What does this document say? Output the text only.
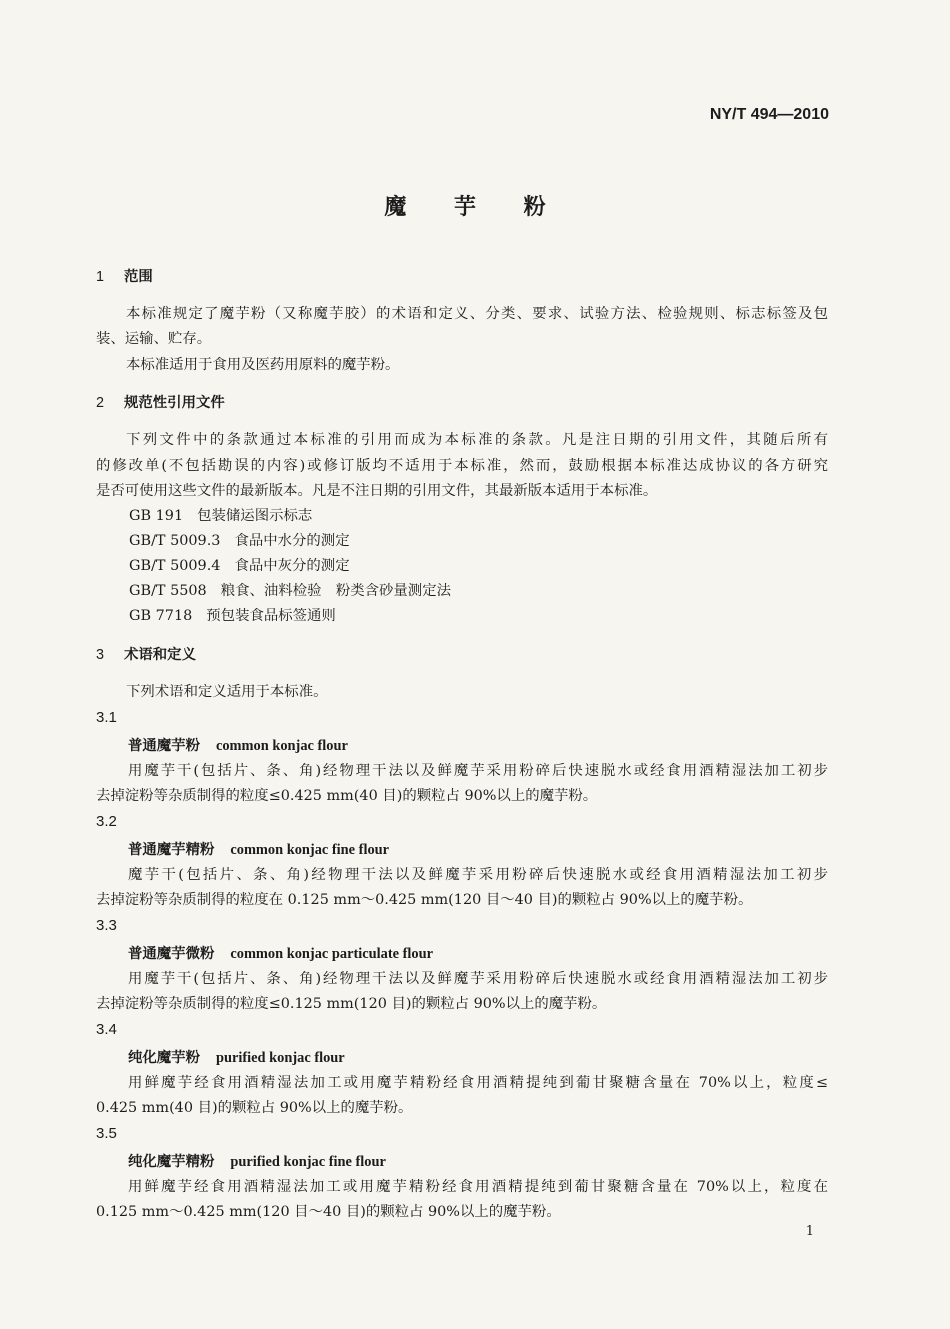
NY/T 494—2010
魔 芋 粉
1 范围
本标准规定了魔芋粉（又称魔芋胶）的术语和定义、分类、要求、试验方法、检验规则、标志标签及包
装、运输、贮存。
本标准适用于食用及医药用原料的魔芋粉。
2 规范性引用文件
下列文件中的条款通过本标准的引用而成为本标准的条款。凡是注日期的引用文件，其随后所有
的修改单(不包括勘误的内容)或修订版均不适用于本标准，然而，鼓励根据本标准达成协议的各方研究
是否可使用这些文件的最新版本。凡是不注日期的引用文件，其最新版本适用于本标准。
GB 191 包装储运图示标志
GB/T 5009.3 食品中水分的测定
GB/T 5009.4 食品中灰分的测定
GB/T 5508 粮食、油料检验　粉类含砂量测定法
GB 7718 预包装食品标签通则
3 术语和定义
下列术语和定义适用于本标准。
3.1
普通魔芋粉 common konjac flour
用魔芋干(包括片、条、角)经物理干法以及鲜魔芋采用粉碎后快速脱水或经食用酒精湿法加工初步
去掉淀粉等杂质制得的粒度≤0.425 mm(40 目)的颗粒占 90%以上的魔芋粉。
3.2
普通魔芋精粉 common konjac fine flour
魔芋干(包括片、条、角)经物理干法以及鲜魔芋采用粉碎后快速脱水或经食用酒精湿法加工初步
去掉淀粉等杂质制得的粒度在 0.125 mm～0.425 mm(120 目～40 目)的颗粒占 90%以上的魔芋粉。
3.3
普通魔芋微粉 common konjac particulate flour
用魔芋干(包括片、条、角)经物理干法以及鲜魔芋采用粉碎后快速脱水或经食用酒精湿法加工初步
去掉淀粉等杂质制得的粒度≤0.125 mm(120 目)的颗粒占 90%以上的魔芋粉。
3.4
纯化魔芋粉 purified konjac flour
用鲜魔芋经食用酒精湿法加工或用魔芋精粉经食用酒精提纯到葡甘聚糖含量在 70%以上，粒度≤
0.425 mm(40 目)的颗粒占 90%以上的魔芋粉。
3.5
纯化魔芋精粉 purified konjac fine flour
用鲜魔芋经食用酒精湿法加工或用魔芋精粉经食用酒精提纯到葡甘聚糖含量在 70%以上，粒度在
0.125 mm～0.425 mm(120 目～40 目)的颗粒占 90%以上的魔芋粉。
1
